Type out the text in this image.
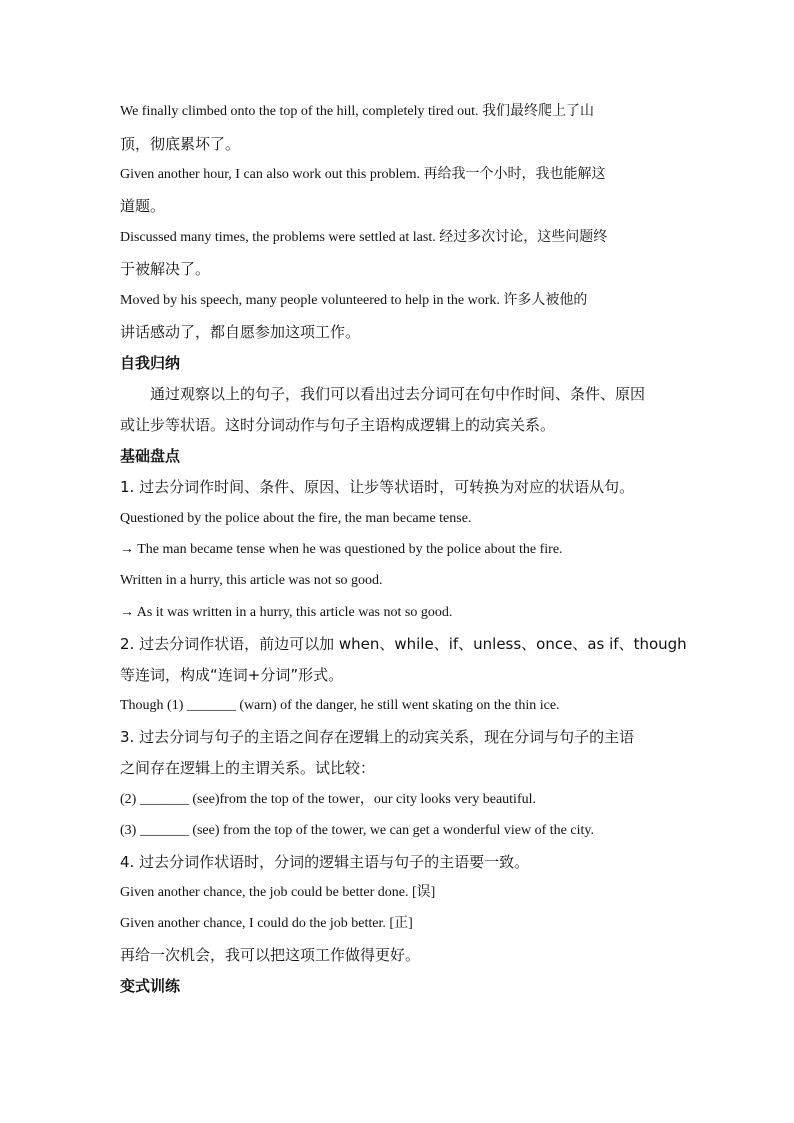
We finally climbed onto the top of the hill, completely tired out. 我们最终爬上了山
顶，彻底累坏了。
Given another hour, I can also work out this problem. 再给我一个小时，我也能解这
道题。
Discussed many times, the problems were settled at last. 经过多次讨论，这些问题终
于被解决了。
Moved by his speech, many people volunteered to help in the work. 许多人被他的
讲话感动了，都自愿参加这项工作。
自我归纳
通过观察以上的句子，我们可以看出过去分词可在句中作时间、条件、原因
或让步等状语。这时分词动作与句子主语构成逻辑上的动宾关系。
基础盘点
1. 过去分词作时间、条件、原因、让步等状语时，可转换为对应的状语从句。
Questioned by the police about the fire, the man became tense.
→ The man became tense when he was questioned by the police about the fire.
Written in a hurry, this article was not so good.
→ As it was written in a hurry, this article was not so good.
2. 过去分词作状语，前边可以加 when、while、if、unless、once、as if、though
等连词，构成“连词+分词”形式。
Though (1) _______ (warn) of the danger, he still went skating on the thin ice.
3. 过去分词与句子的主语之间存在逻辑上的动宾关系，现在分词与句子的主语
之间存在逻辑上的主谓关系。试比较：
(2) _______ (see)from the top of the tower，our city looks very beautiful.
(3) _______ (see) from the top of the tower, we can get a wonderful view of the city.
4. 过去分词作状语时，分词的逻辑主语与句子的主语要一致。
Given another chance, the job could be better done. [误]
Given another chance, I could do the job better. [正]
再给一次机会，我可以把这项工作做得更好。
变式训练
